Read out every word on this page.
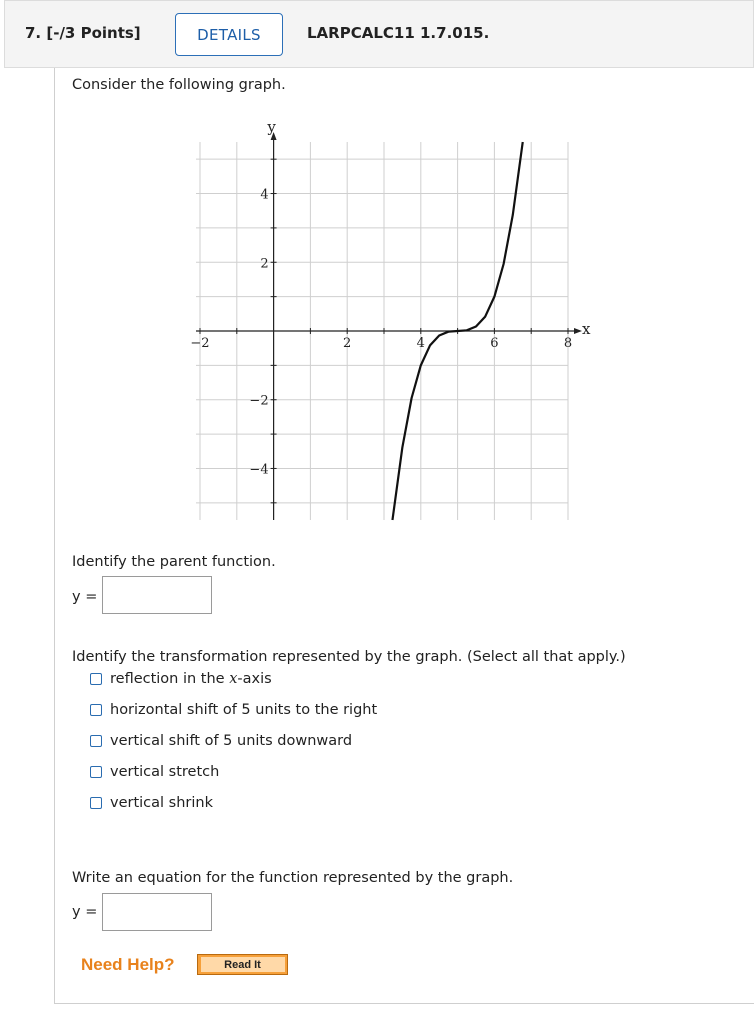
7. [-/3 Points]	DETAILS	LARPCALC11 1.7.015.
Consider the following graph.
−2	2	4	6	8
−4
−2
2
4
x
y
Identify the parent function.
y =
Identify the transformation represented by the graph. (Select all that apply.)
reflection in the x-axis
horizontal shift of 5 units to the right
vertical shift of 5 units downward
vertical stretch
vertical shrink
Write an equation for the function represented by the graph.
y =
Need Help?	Read It
